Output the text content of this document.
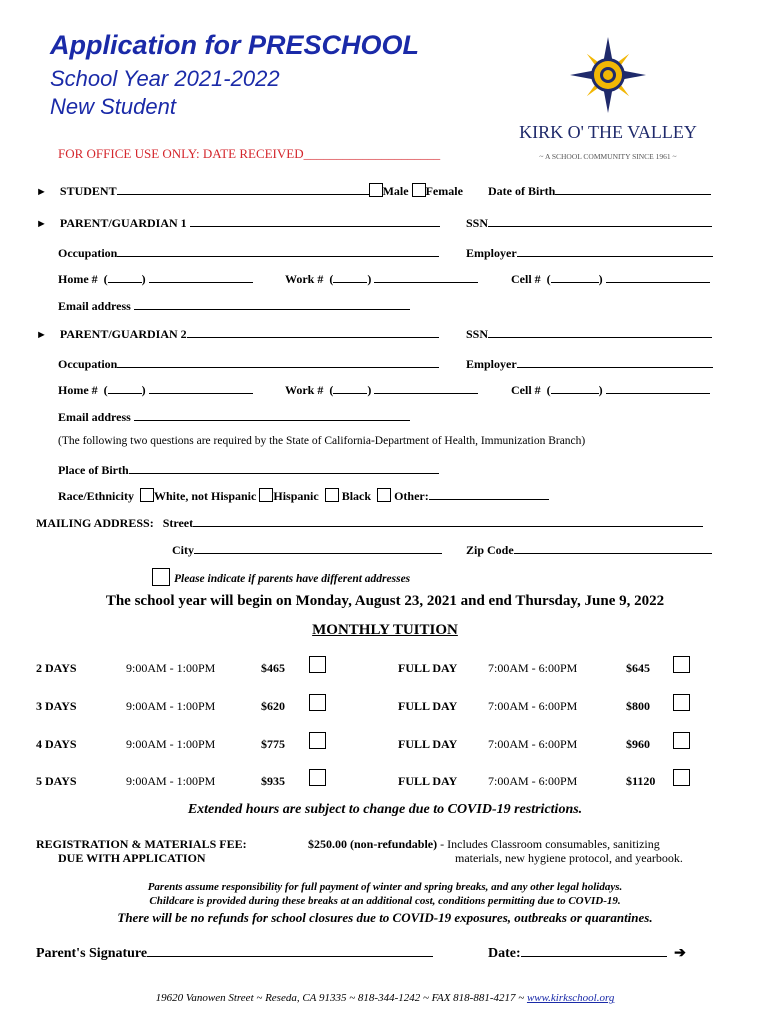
Application for PRESCHOOL
School Year 2021-2022
New Student
KIRK O' THE VALLEY
~ A SCHOOL COMMUNITY SINCE 1961 ~
FOR OFFICE USE ONLY: DATE RECEIVED_____________________
► STUDENT	Male Female Date of Birth
► PARENT/GUARDIAN 1	SSN
Occupation	Employer
Home #  (	)	Work #  (	)	Cell #  (	)
Email address
► PARENT/GUARDIAN 2	SSN
Occupation	Employer
Home #  (	)	Work #  (	)	Cell #  (	)
Email address
(The following two questions are required by the State of California-Department of Health, Immunization Branch)
Place of Birth
Race/Ethnicity White, not Hispanic Hispanic Black Other:
MAILING ADDRESS: Street
City	Zip Code
Please indicate if parents have different addresses
The school year will begin on Monday, August 23, 2021 and end Thursday, June 9, 2022
MONTHLY TUITION
2 DAYS	9:00AM - 1:00PM	$465	FULL DAY	7:00AM - 6:00PM	$645
3 DAYS	9:00AM - 1:00PM	$620	FULL DAY	7:00AM - 6:00PM	$800
4 DAYS	9:00AM - 1:00PM	$775	FULL DAY	7:00AM - 6:00PM	$960
5 DAYS	9:00AM - 1:00PM	$935	FULL DAY	7:00AM - 6:00PM	$1120
Extended hours are subject to change due to COVID-19 restrictions.
REGISTRATION & MATERIALS FEE:
DUE WITH APPLICATION
$250.00 (non-refundable) - Includes Classroom consumables, sanitizing
materials, new hygiene protocol, and yearbook.
Parents assume responsibility for full payment of winter and spring breaks, and any other legal holidays.
Childcare is provided during these breaks at an additional cost, conditions permitting due to COVID-19.
There will be no refunds for school closures due to COVID-19 exposures, outbreaks or quarantines.
Parent's Signature	Date:	➔
19620 Vanowen Street ~ Reseda, CA 91335 ~ 818-344-1242 ~ FAX 818-881-4217 ~ www.kirkschool.org
